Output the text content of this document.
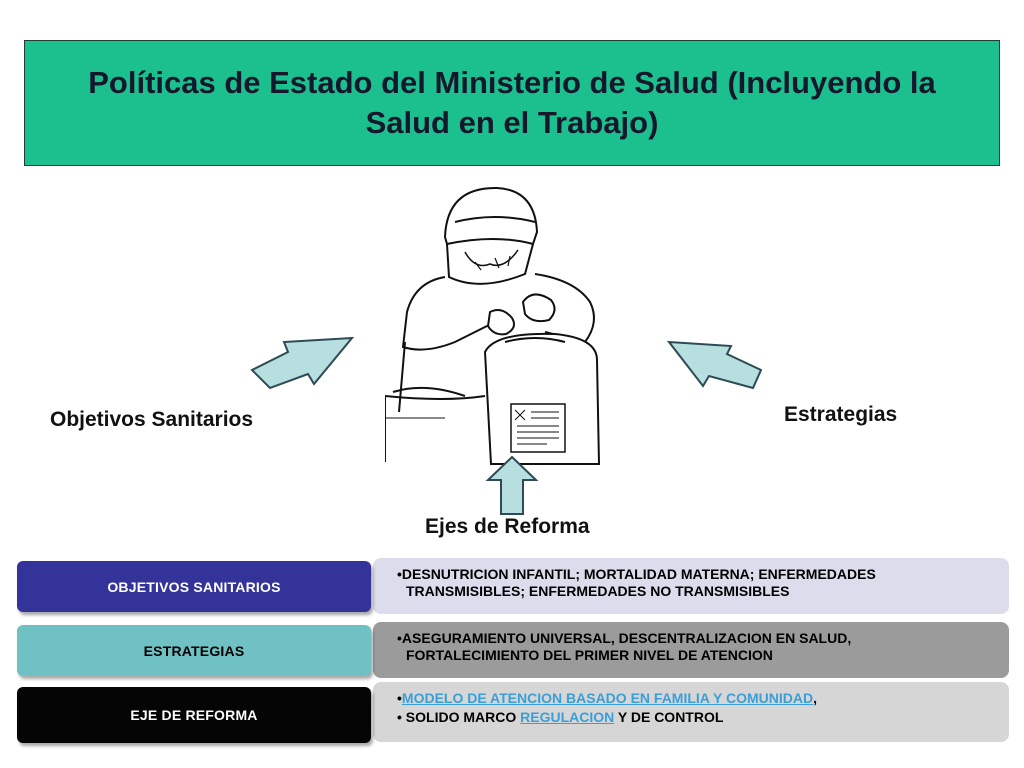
Políticas de Estado del Ministerio de Salud (Incluyendo la Salud en el Trabajo)
Objetivos Sanitarios	Estrategias
Ejes de Reforma
•DESNUTRICION INFANTIL; MORTALIDAD MATERNA; ENFERMEDADES
TRANSMISIBLES; ENFERMEDADES NO TRANSMISIBLES
OBJETIVOS SANITARIOS
•ASEGURAMIENTO UNIVERSAL, DESCENTRALIZACION EN SALUD,
FORTALECIMIENTO DEL PRIMER NIVEL DE ATENCION
ESTRATEGIAS
•MODELO DE ATENCION BASADO EN FAMILIA Y COMUNIDAD,
• SOLIDO MARCO REGULACION Y DE CONTROL
EJE DE REFORMA
